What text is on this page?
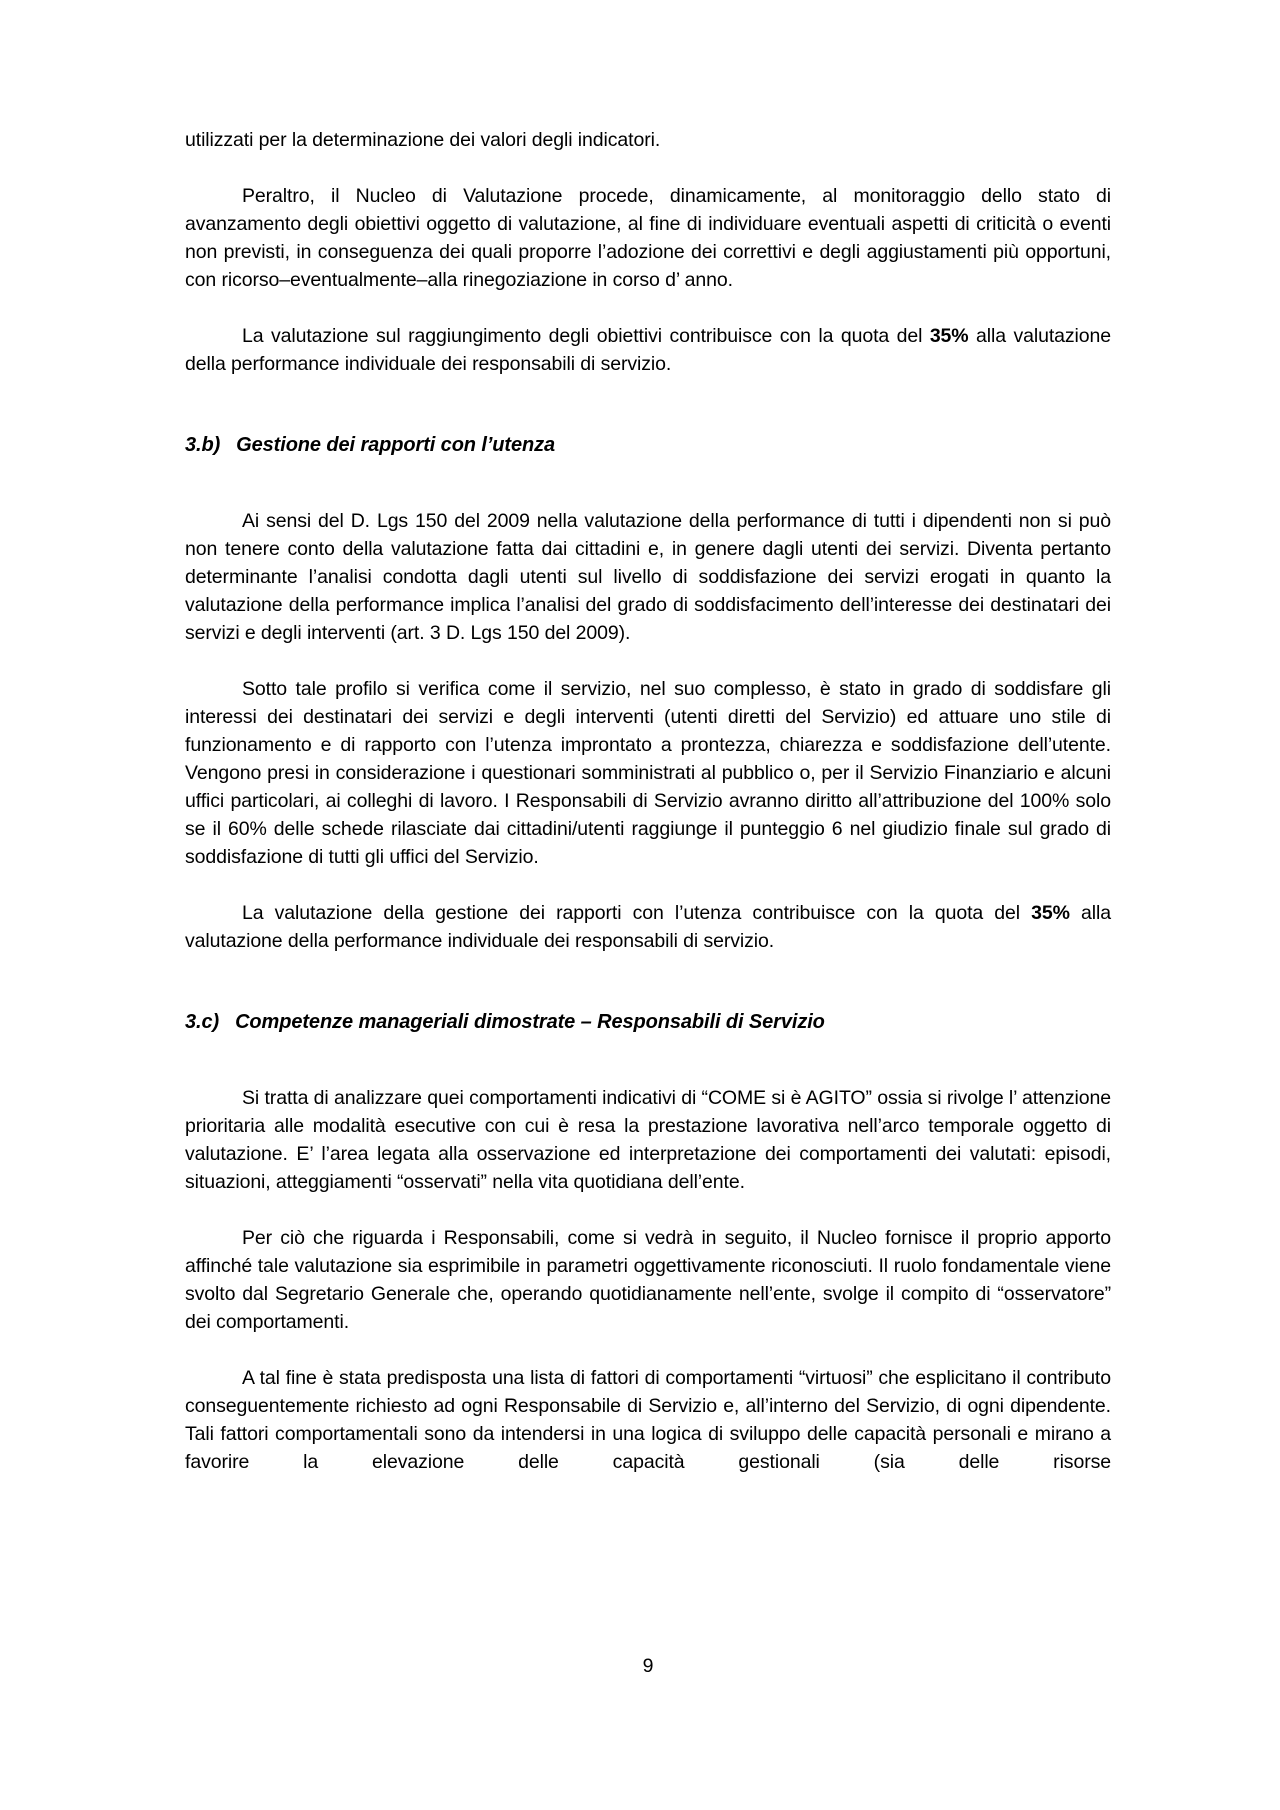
utilizzati per la determinazione dei valori degli indicatori.

Peraltro, il Nucleo di Valutazione procede, dinamicamente, al monitoraggio dello stato di avanzamento degli obiettivi oggetto di valutazione, al fine di individuare eventuali aspetti di criticità o eventi non previsti, in conseguenza dei quali proporre l’adozione dei correttivi e degli aggiustamenti più opportuni, con ricorso–eventualmente–alla rinegoziazione in corso d’ anno.

La valutazione sul raggiungimento degli obiettivi contribuisce con la quota del 35% alla valutazione della performance individuale dei responsabili di servizio.

3.b) Gestione dei rapporti con l’utenza

Ai sensi del D. Lgs 150 del 2009 nella valutazione della performance di tutti i dipendenti non si può non tenere conto della valutazione fatta dai cittadini e, in genere dagli utenti dei servizi. Diventa pertanto determinante l’analisi condotta dagli utenti sul livello di soddisfazione dei servizi erogati in quanto la valutazione della performance implica l’analisi del grado di soddisfacimento dell’interesse dei destinatari dei servizi e degli interventi (art. 3 D. Lgs 150 del 2009).

Sotto tale profilo si verifica come il servizio, nel suo complesso, è stato in grado di soddisfare gli interessi dei destinatari dei servizi e degli interventi (utenti diretti del Servizio) ed attuare uno stile di funzionamento e di rapporto con l’utenza improntato a prontezza, chiarezza e soddisfazione dell’utente. Vengono presi in considerazione i questionari somministrati al pubblico o, per il Servizio Finanziario e alcuni uffici particolari, ai colleghi di lavoro. I Responsabili di Servizio avranno diritto all’attribuzione del 100% solo se il 60% delle schede rilasciate dai cittadini/utenti raggiunge il punteggio 6 nel giudizio finale sul grado di soddisfazione di tutti gli uffici del Servizio.

La valutazione della gestione dei rapporti con l’utenza contribuisce con la quota del 35% alla valutazione della performance individuale dei responsabili di servizio.

3.c) Competenze manageriali dimostrate – Responsabili di Servizio

Si tratta di analizzare quei comportamenti indicativi di “COME si è AGITO” ossia si rivolge l’ attenzione prioritaria alle modalità esecutive con cui è resa la prestazione lavorativa nell’arco temporale oggetto di valutazione. E’ l’area legata alla osservazione ed interpretazione dei comportamenti dei valutati: episodi, situazioni, atteggiamenti “osservati” nella vita quotidiana dell’ente.

Per ciò che riguarda i Responsabili, come si vedrà in seguito, il Nucleo fornisce il proprio apporto affinché tale valutazione sia esprimibile in parametri oggettivamente riconosciuti. Il ruolo fondamentale viene svolto dal Segretario Generale che, operando quotidianamente nell’ente, svolge il compito di “osservatore” dei comportamenti.

A tal fine è stata predisposta una lista di fattori di comportamenti “virtuosi” che esplicitano il contributo conseguentemente richiesto ad ogni Responsabile di Servizio e, all’interno del Servizio, di ogni dipendente. Tali fattori comportamentali sono da intendersi in una logica di sviluppo delle capacità personali e mirano a favorire la elevazione delle capacità gestionali (sia delle risorse

9
